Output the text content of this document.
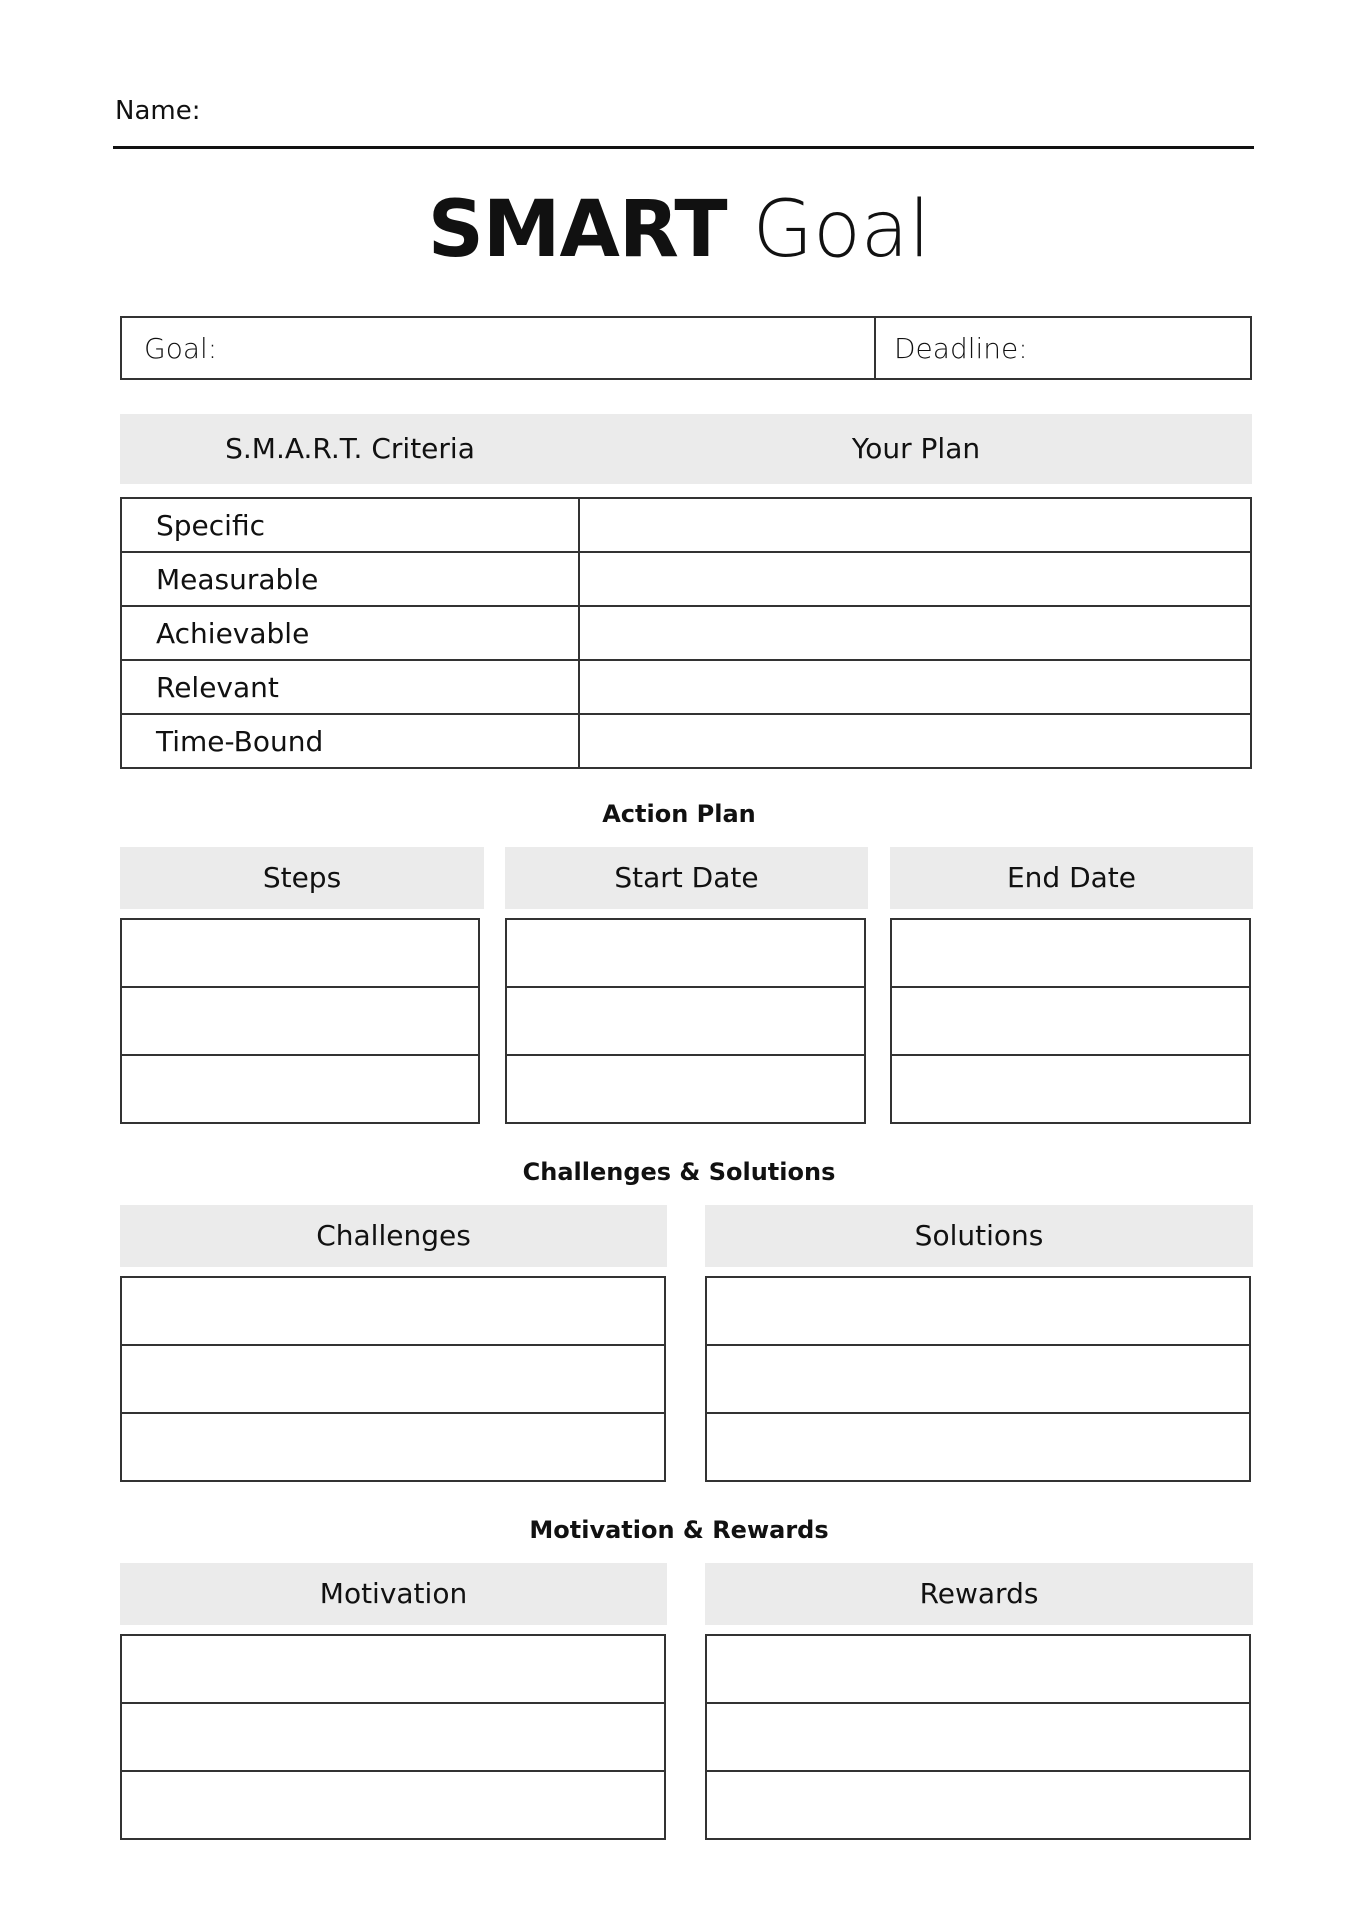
Name:
SMART Goal
Goal:	Deadline:
S.M.A.R.T. Criteria	Your Plan
Specific
Measurable
Achievable
Relevant
Time-Bound
Action Plan
Steps	Start Date	End Date
Challenges & Solutions
Challenges	Solutions
Motivation & Rewards
Motivation	Rewards
